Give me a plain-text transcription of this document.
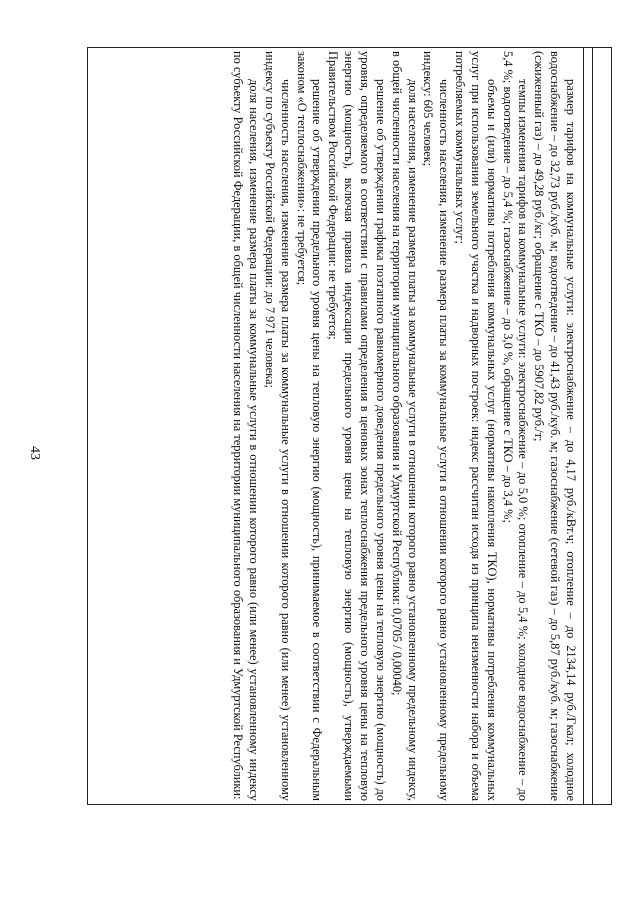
43	размер тарифов на коммунальные услуги: электроснабжение – до 4,17 руб./кВт.ч; отопление – до 2134,14 руб./Гкал; холодное водоснабжение – до 32,73 руб./куб. м; водоотведение – до 41,43 руб./куб. м; газоснабжение (сетевой газ) – до 5,87 руб./куб. м; газоснабжение (сжиженный газ) – до 49,28 руб./кг; обращение с ТКО – до 5907,82 руб./т;

темпы изменения тарифов на коммунальные услуги: электроснабжение – до 5,0 %; отопление – до 5,4 %; холодное водоснабжение – до 5,4 %; водоотведение – до 5,4 %; газоснабжение – до 3,0 %, обращение с ТКО – до 3,4 %;

объемы и (или) нормативы потребления коммунальных услуг (нормативы накопления ТКО), нормативы потребления коммунальных услуг при использовании земельного участка и надворных построек: индекс рассчитан исходя из принципа неизменности набора и объема потребляемых коммунальных услуг;

численность населения, изменение размера платы за коммунальные услуги в отношении которого равно установленному предельному индексу: 605 человек;

доля населения, изменение размера платы за коммунальные услуги в отношении которого равно установленному предельному индексу, в общей численности населения на территории муниципального образования и Удмуртской Республики: 0,0705 / 0,00040;

решение об утверждении графика поэтапного равномерного доведения предельного уровня цены на тепловую энергию (мощность) до уровня, определяемого в соответствии с правилами определения в ценовых зонах теплоснабжения предельного уровня цены на тепловую энергию (мощность), включая правила индексации предельного уровня цены на тепловую энергию (мощность), утверждаемыми Правительством Российской Федерации: не требуется;

решение об утверждении предельного уровня цены на тепловую энергию (мощность), принимаемое в соответствии с Федеральным законом «О теплоснабжении»: не требуется;

численность населения, изменение размера платы за коммунальные услуги в отношении которого равно (или менее) установленному индексу по субъекту Российской Федерации: до 7 971 человека;

доля населения, изменение размера платы за коммунальные услуги в отношении которого равно (или менее) установленному индексу по субъекту Российской Федерации, в общей численности населения на территории муниципального образования и Удмуртской Республики:
